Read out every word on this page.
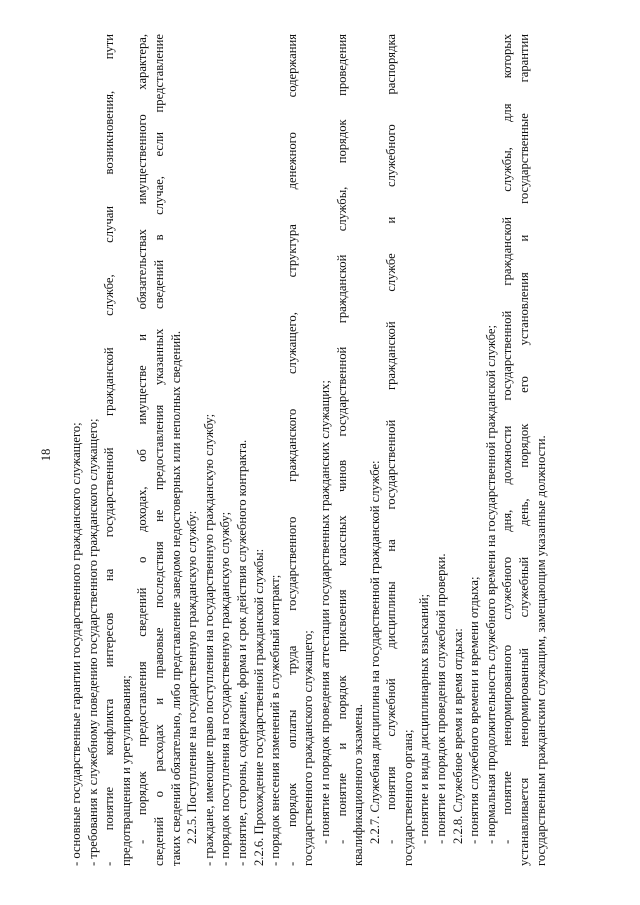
18 - основные государственные гарантии государственного гражданского служащего; - требования к служебному поведению государственного гражданского служащего; - понятие конфликта интересов на государственной гражданской службе, случаи возникновения, пути предотвращения и урегулирования; - порядок предоставления сведений о доходах, об имуществе и обязательствах имущественного характера, сведений о расходах и правовые последствия не предоставления указанных сведений в случае, если представление таких сведений обязательно, либо представление заведомо недостоверных или неполных сведений. 2.2.5. Поступление на государственную гражданскую службу: - граждане, имеющие право поступления на государственную гражданскую службу; - порядок поступления на государственную гражданскую службу; - понятие, стороны, содержание, форма и срок действия служебного контракта. 2.2.6. Прохождение государственной гражданской службы: - порядок внесения изменений в служебный контракт; - порядок оплаты труда государственного гражданского служащего, структура денежного содержания государственного гражданского служащего; - понятие и порядок проведения аттестации государственных гражданских служащих; - понятие и порядок присвоения классных чинов государственной гражданской службы, порядок проведения квалификационного экзамена. 2.2.7. Служебная дисциплина на государственной гражданской службе: - понятия служебной дисциплины на государственной гражданской службе и служебного распорядка государственного органа; - понятие и виды дисциплинарных взысканий; - понятие и порядок проведения служебной проверки. 2.2.8. Служебное время и время отдыха: - понятия служебного времени и времени отдыха; - нормальная продолжительность служебного времени на государственной гражданской службе; - понятие ненормированного служебного дня, должности государственной гражданской службы, для которых устанавливается ненормированный служебный день, порядок его установления и государственные гарантии государственным гражданским служащим, замещающим указанные должности.
